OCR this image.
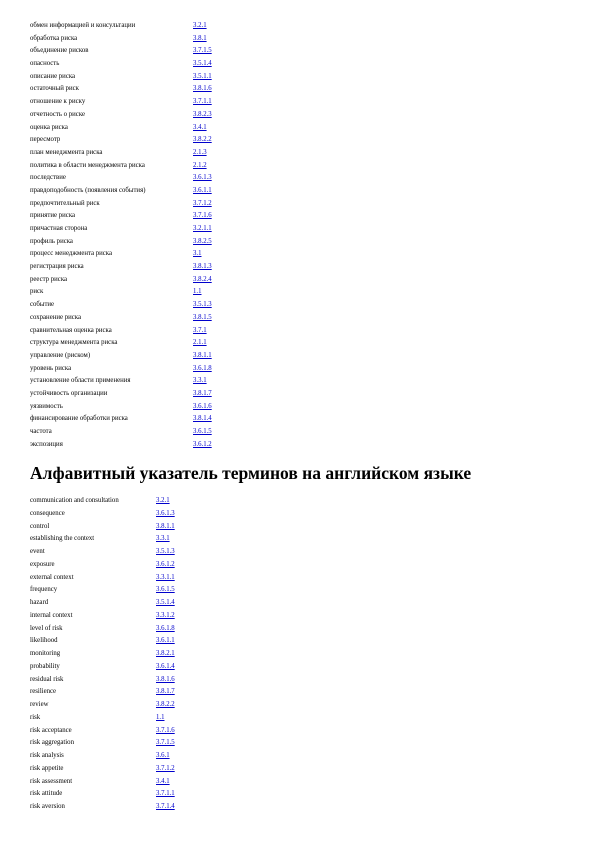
обмен информацией и консультации	3.2.1
обработка риска	3.8.1
объединение рисков	3.7.1.5
опасность	3.5.1.4
описание риска	3.5.1.1
остаточный риск	3.8.1.6
отношение к риску	3.7.1.1
отчетность о риске	3.8.2.3
оценка риска	3.4.1
пересмотр	3.8.2.2
план менеджмента риска	2.1.3
политика в области менеджмента риска	2.1.2
последствие	3.6.1.3
правдоподобность (появления события)	3.6.1.1
предпочтительный риск	3.7.1.2
принятие риска	3.7.1.6
причастная сторона	3.2.1.1
профиль риска	3.8.2.5
процесс менеджмента риска	3.1
регистрация риска	3.8.1.3
реестр риска	3.8.2.4
риск	1.1
событие	3.5.1.3
сохранение риска	3.8.1.5
сравнительная оценка риска	3.7.1
структура менеджмента риска	2.1.1
управление (риском)	3.8.1.1
уровень риска	3.6.1.8
установление области применения	3.3.1
устойчивость организации	3.8.1.7
уязвимость	3.6.1.6
финансирование обработки риска	3.8.1.4
частота	3.6.1.5
экспозиция	3.6.1.2
Алфавитный указатель терминов на английском языке
communication and consultation	3.2.1
consequence	3.6.1.3
control	3.8.1.1
establishing the context	3.3.1
event	3.5.1.3
exposure	3.6.1.2
external context	3.3.1.1
frequency	3.6.1.5
hazard	3.5.1.4
internal context	3.3.1.2
level of risk	3.6.1.8
likelihood	3.6.1.1
monitoring	3.8.2.1
probability	3.6.1.4
residual risk	3.8.1.6
resilience	3.8.1.7
review	3.8.2.2
risk	1.1
risk acceptance	3.7.1.6
risk aggregation	3.7.1.5
risk analysis	3.6.1
risk appetite	3.7.1.2
risk assessment	3.4.1
risk attitude	3.7.1.1
risk aversion	3.7.1.4
